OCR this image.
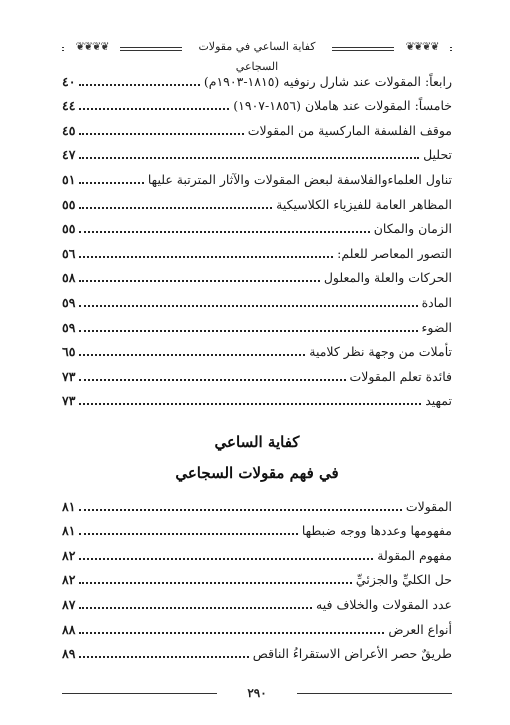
❦❦❦❦	كفاية الساعي في مقولات السجاعي
❦❦❦❦
رابعاً: المقولات عند شارل رنوفيه (١٨١٥-١٩٠٣م)
٤٠
خامساً: المقولات عند هاملان (١٨٥٦-١٩٠٧)
٤٤
موقف الفلسفة الماركسية من المقولات
٤٥
تحليل
٤٧
تناول العلماءوالفلاسفة لبعض المقولات والآثار المترتبة عليها
٥١
المظاهر العامة للفيزياء الكلاسيكية
٥٥
الزمان والمكان
٥٥
التصور المعاصر للعلم:
٥٦
الحركات والعلة والمعلول
٥٨
المادة
٥٩
الضوء
٥٩
تأملات من وجهة نظر كلامية
٦٥
فائدة تعلم المقولات
٧٣
تمهيد
٧٣
كفاية الساعي
في فهم مقولات السجاعي
المقولات
٨١
مفهومها وعددها ووجه ضبطها
٨١
مفهوم المقولة
٨٢
حل الكليِّ والجزئيِّ
٨٢
عدد المقولات والخلاف فيه
٨٧
أنواع العرض
٨٨
طريقٌ حصر الأعراض الاستقراءُ الناقص
٨٩
٢٩٠
